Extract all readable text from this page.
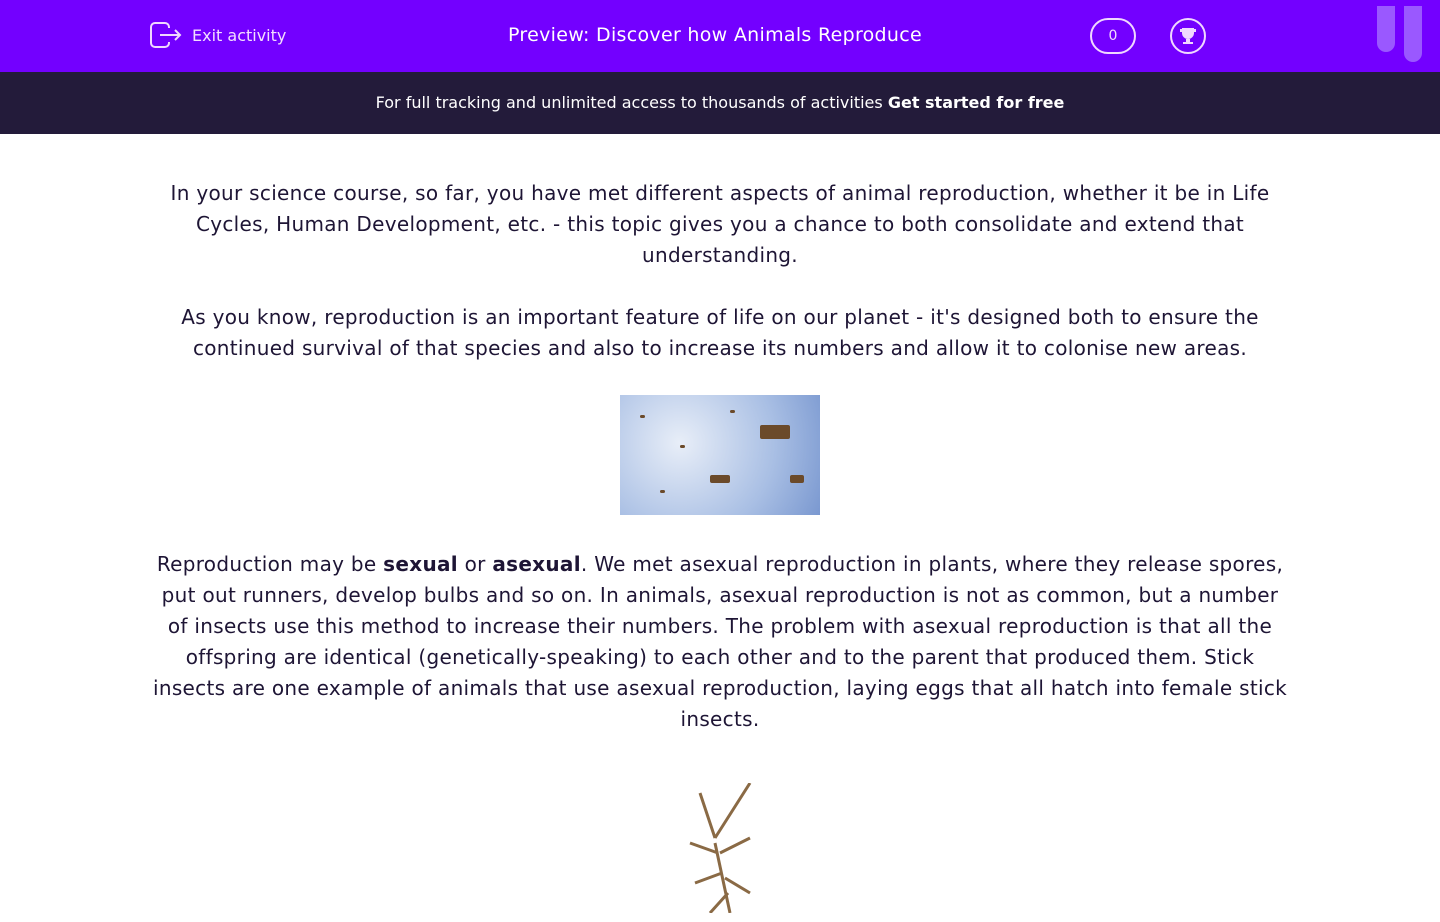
Exit activity	Preview: Discover how Animals Reproduce	0
For full tracking and unlimited access to thousands of activities Get started for free

In your science course, so far, you have met different aspects of animal reproduction, whether it be in Life Cycles, Human Development, etc. - this topic gives you a chance to both consolidate and extend that understanding.

As you know, reproduction is an important feature of life on our planet - it's designed both to ensure the continued survival of that species and also to increase its numbers and allow it to colonise new areas.

Reproduction may be sexual or asexual. We met asexual reproduction in plants, where they release spores, put out runners, develop bulbs and so on. In animals, asexual reproduction is not as common, but a number of insects use this method to increase their numbers. The problem with asexual reproduction is that all the offspring are identical (genetically-speaking) to each other and to the parent that produced them. Stick insects are one example of animals that use asexual reproduction, laying eggs that all hatch into female stick insects.
